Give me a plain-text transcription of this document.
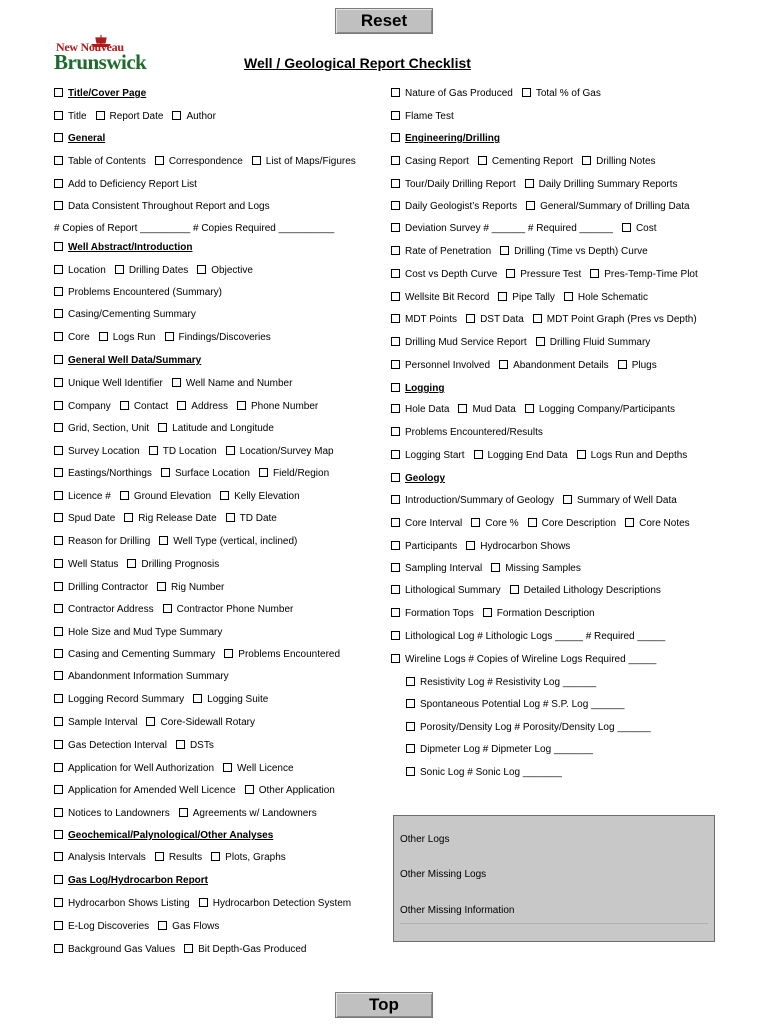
Reset
New Nouveau
Brunswick	Well / Geological Report Checklist
Title/Cover Page
Title Report Date Author
General
Table of Contents Correspondence List of Maps/Figures
Add to Deficiency Report List
Data Consistent Throughout Report and Logs
# Copies of Report _________ # Copies Required __________
Well Abstract/Introduction
Location Drilling Dates Objective
Problems Encountered (Summary)
Casing/Cementing Summary
Core Logs Run Findings/Discoveries
General Well Data/Summary
Unique Well Identifier Well Name and Number
Company Contact Address Phone Number
Grid, Section, Unit Latitude and Longitude
Survey Location TD Location Location/Survey Map
Eastings/Northings Surface Location Field/Region
Licence # Ground Elevation Kelly Elevation
Spud Date Rig Release Date TD Date
Reason for Drilling Well Type (vertical, inclined)
Well Status Drilling Prognosis
Drilling Contractor Rig Number
Contractor Address Contractor Phone Number
Hole Size and Mud Type Summary
Casing and Cementing Summary Problems Encountered
Abandonment Information Summary
Logging Record Summary Logging Suite
Sample Interval Core-Sidewall Rotary
Gas Detection Interval DSTs
Application for Well Authorization Well Licence
Application for Amended Well Licence Other Application
Notices to Landowners Agreements w/ Landowners
Geochemical/Palynological/Other Analyses
Analysis Intervals Results Plots, Graphs
Gas Log/Hydrocarbon Report
Hydrocarbon Shows Listing Hydrocarbon Detection System
E-Log Discoveries Gas Flows
Background Gas Values Bit Depth-Gas Produced
Nature of Gas Produced Total % of Gas
Flame Test
Engineering/Drilling
Casing Report Cementing Report Drilling Notes
Tour/Daily Drilling Report Daily Drilling Summary Reports
Daily Geologist’s Reports General/Summary of Drilling Data
Deviation Survey # ______ # Required ______ Cost
Rate of Penetration Drilling (Time vs Depth) Curve
Cost vs Depth Curve Pressure Test Pres-Temp-Time Plot
Wellsite Bit Record Pipe Tally Hole Schematic
MDT Points DST Data MDT Point Graph (Pres vs Depth)
Drilling Mud Service Report Drilling Fluid Summary
Personnel Involved Abandonment Details Plugs
Logging
Hole Data Mud Data Logging Company/Participants
Problems Encountered/Results
Logging Start Logging End Data Logs Run and Depths
Geology
Introduction/Summary of Geology Summary of Well Data
Core Interval Core % Core Description Core Notes
Participants Hydrocarbon Shows
Sampling Interval Missing Samples
Lithological Summary Detailed Lithology Descriptions
Formation Tops Formation Description
Lithological Log # Lithologic Logs _____ # Required _____
Wireline Logs # Copies of Wireline Logs Required _____
Resistivity Log # Resistivity Log ______
Spontaneous Potential Log # S.P. Log ______
Porosity/Density Log # Porosity/Density Log ______
Dipmeter Log # Dipmeter Log _______
Sonic Log # Sonic Log _______
Other Logs
Other Missing Logs
Other Missing Information
Top
